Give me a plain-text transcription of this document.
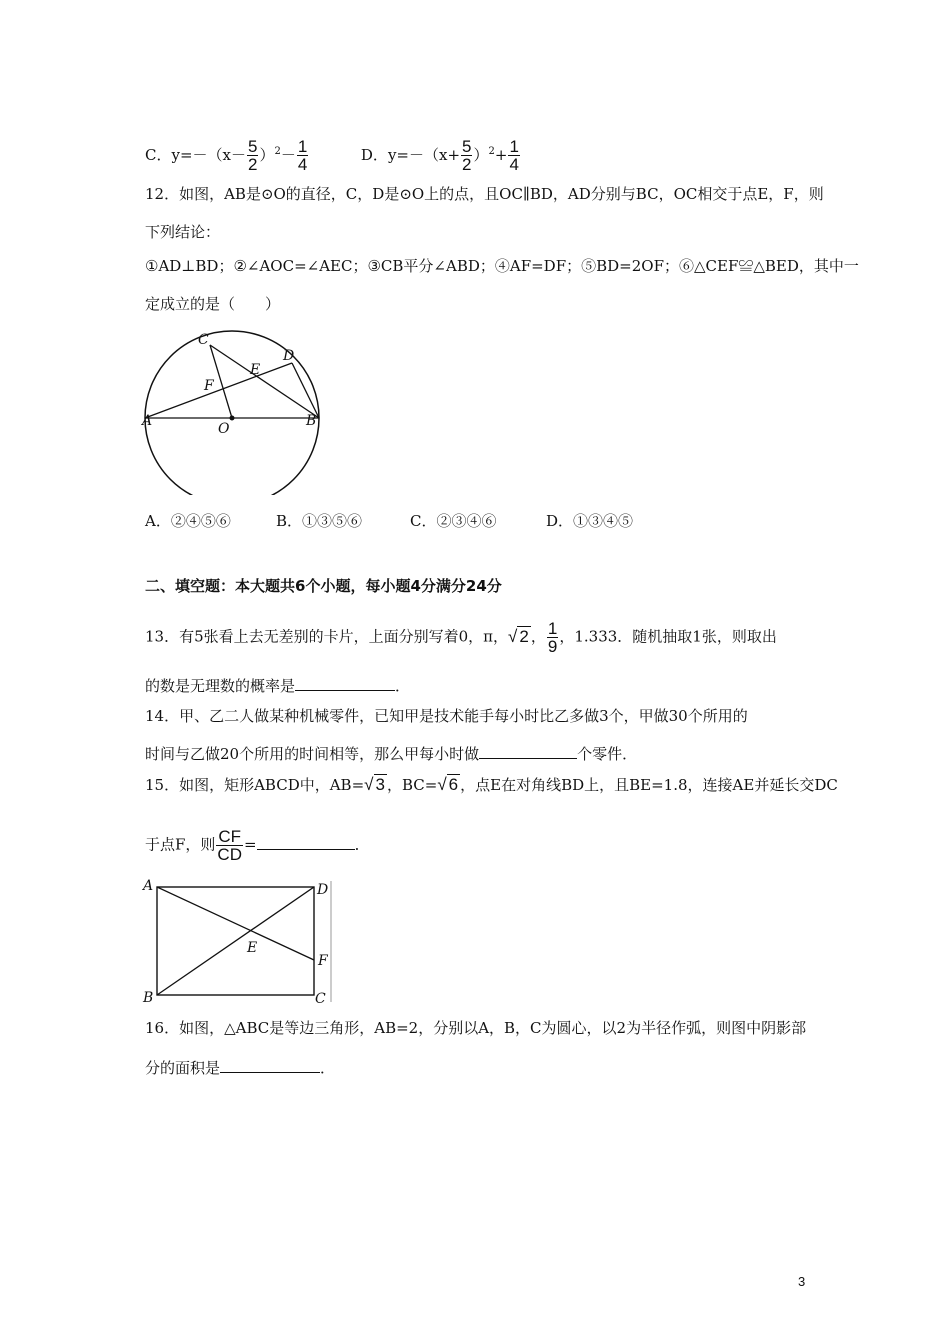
C．$y=-(x- \frac{5}{2} )^2- \frac{1}{4}$	D．$y=-(x+ \frac{5}{2} )^2+ \frac{1}{4}$
12．如图，AB是⊙O的直径，C，D是⊙O上的点，且OC∥BD，AD分别与BC，OC相交于点E，F，则
下列结论：
①AD⊥BD；②∠AOC=∠AEC；③CB平分∠ABD；④AF=DF；⑤BD=2OF；⑥△CEF≌△BED，其中一
定成立的是（　　）
C
D
E
F
A	O	B
A．②④⑤⑥	B．①③⑤⑥	C．②③④⑥	D．①③④⑤
二、填空题：本大题共6个小题，每小题4分满分24分
13．有5张看上去无差别的卡片，上面分别写着0，π，√ 2 ， $\frac{1}{9}$ ，1.333．随机抽取1张，则取出
的数是无理数的概率是	．
14．甲、乙二人做某种机械零件，已知甲是技术能手每小时比乙多做3个，甲做30个所用的
时间与乙做20个所用的时间相等，那么甲每小时做	个零件．
15．如图，矩形ABCD中，AB=√ 3 ，BC=√ 6 ，点E在对角线BD上，且BE=1.8，连接AE并延长交DC
于点F，则 $\frac{CF}{CD}$ =	．
A	D
E
F
B	C
16．如图，△ABC是等边三角形，AB=2，分别以A，B，C为圆心，以2为半径作弧，则图中阴影部
分的面积是	．
3
